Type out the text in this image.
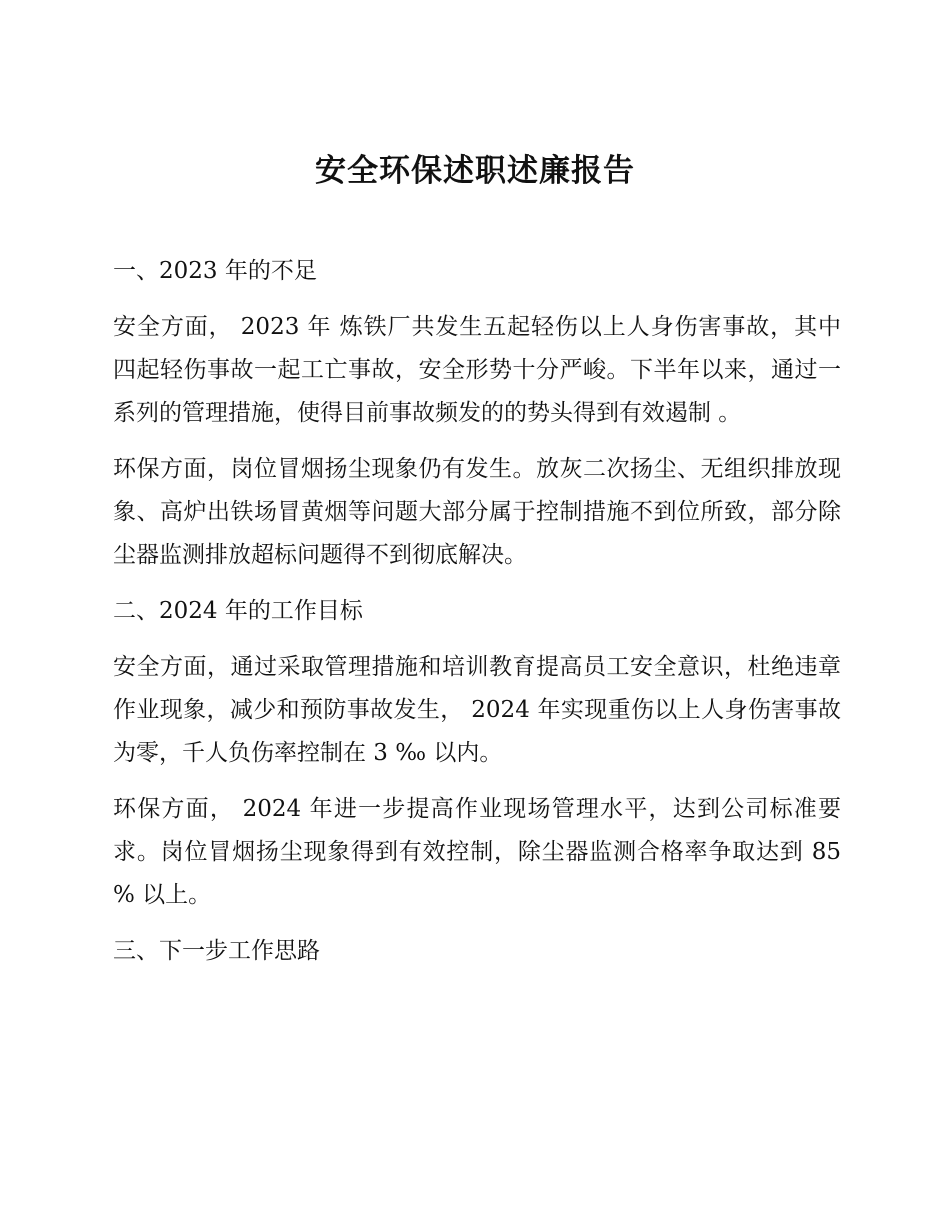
安全环保述职述廉报告

一、2023 年的不足

安全方面， 2023 年 炼铁厂共发生五起轻伤以上人身伤害事故，其中 四起轻伤事故一起工亡事故，安全形势十分严峻。下半年以来，通过一系列的管理措施，使得目前事故频发的的势头得到有效遏制 。

环保方面，岗位冒烟扬尘现象仍有发生。放灰二次扬尘、无组织排放现象、高炉出铁场冒黄烟等问题大部分属于控制措施不到位所致，部分除尘器监测排放超标问题得不到彻底解决。

二、2024 年的工作目标

安全方面，通过采取管理措施和培训教育提高员工安全意识，杜绝违章作业现象，减少和预防事故发生， 2024 年实现重伤以上人身伤害事故为零，千人负伤率控制在 3 ‰ 以内。

环保方面， 2024 年进一步提高作业现场管理水平，达到公司标准要求。岗位冒烟扬尘现象得到有效控制，除尘器监测合格率争取达到 85 % 以上。

三、下一步工作思路
